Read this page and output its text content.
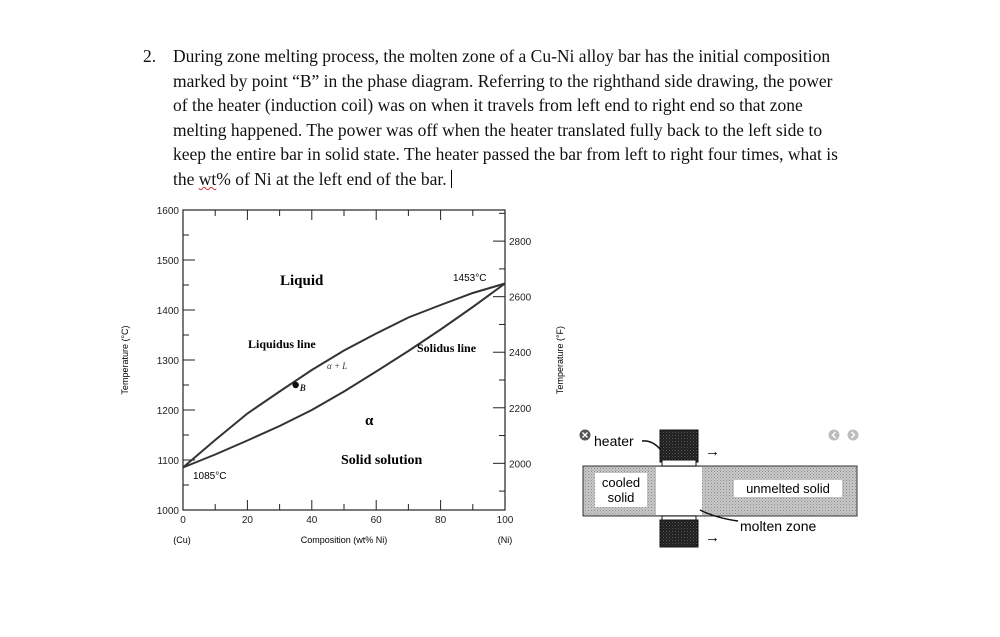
2. During zone melting process, the molten zone of a Cu-Ni alloy bar has the initial composition
marked by point “B” in the phase diagram. Referring to the righthand side drawing, the power
of the heater (induction coil) was on when it travels from left end to right end so that zone
melting happened. The power was off when the heater translated fully back to the left side to
keep the entire bar in solid state. The heater passed the bar from left to right four times, what is
the wt% of Ni at the left end of the bar.
0	20	40	60	80	100
1000
1100
1200
1300
1400
1500
1600
2000
2200
2400
2600
2800
B
Liquid
Liquidus line
α + L
Solidus line
1453°C
1085°C
α
Solid solution
(Cu)	(Ni)
Composition (wt% Ni)
Temperature (°C)	Temperature (°F)
cooled
solid
unmelted solid
heater
→
→
molten zone
